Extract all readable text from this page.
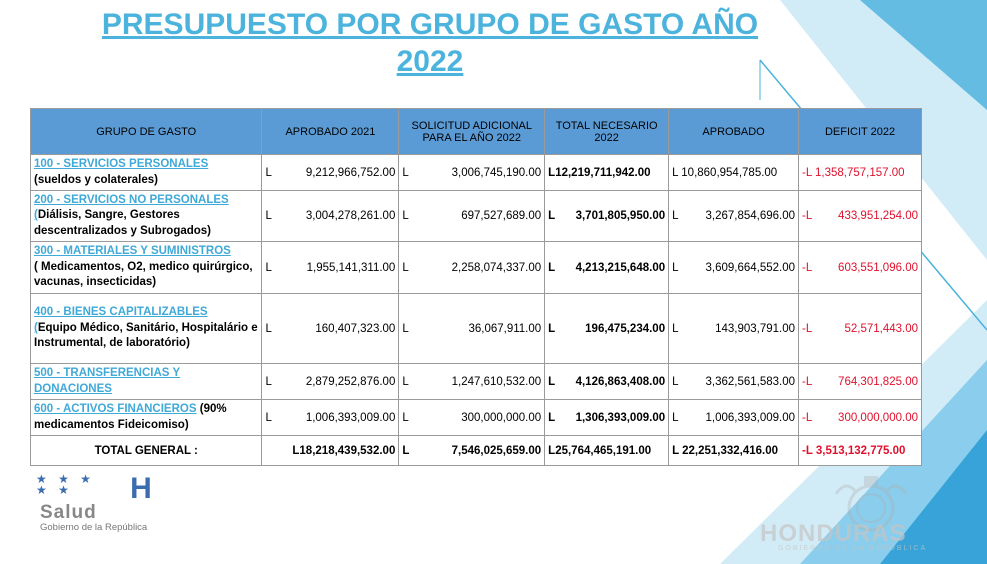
PRESUPUESTO POR GRUPO DE GASTO AÑO 2022
GRUPO DE GASTO	APROBADO 2021	SOLICITUD ADICIONAL PARA EL AÑO 2022	TOTAL NECESARIO 2022	APROBADO	DEFICIT 2022
100 - SERVICIOS PERSONALES
(sueldos y colaterales)	L 9,212,966,752.00	L 3,006,745,190.00	L12,219,711,942.00	L 10,860,954,785.00	-L 1,358,757,157.00
200 - SERVICIOS NO PERSONALES
(Diálisis, Sangre, Gestores descentralizados y Subrogados)	L 3,004,278,261.00	L 697,527,689.00	L 3,701,805,950.00	L 3,267,854,696.00	-L 433,951,254.00

300 - MATERIALES Y SUMINISTROS
( Medicamentos, O2, medico quirúrgico, vacunas, insecticidas)	L 1,955,141,311.00	L 2,258,074,337.00	L 4,213,215,648.00	L 3,609,664,552.00	-L 603,551,096.00

400 - BIENES CAPITALIZABLES
(Equipo Médico, Sanitário, Hospitalário e Instrumental, de laboratório)	L 160,407,323.00	L 36,067,911.00	L 196,475,234.00	L 143,903,791.00	-L 52,571,443.00

500 - TRANSFERENCIAS Y DONACIONES	L 2,879,252,876.00	L 1,247,610,532.00	L 4,126,863,408.00	L 3,362,561,583.00	-L 764,301,825.00

600 - ACTIVOS FINANCIEROS (90% medicamentos Fideicomiso)	L 1,006,393,009.00	L 300,000,000.00	L 1,306,393,009.00	L 1,006,393,009.00	-L 300,000,000.00

TOTAL GENERAL :	L18,218,439,532.00	L 7,546,025,659.00	L25,764,465,191.00	L 22,251,332,416.00	-L 3,513,132,775.00
★ ★ ★ ★ ★	H
Salud
Gobierno de la República	HONDURAS
GOBIERNO DE LA REPÚBLICA
